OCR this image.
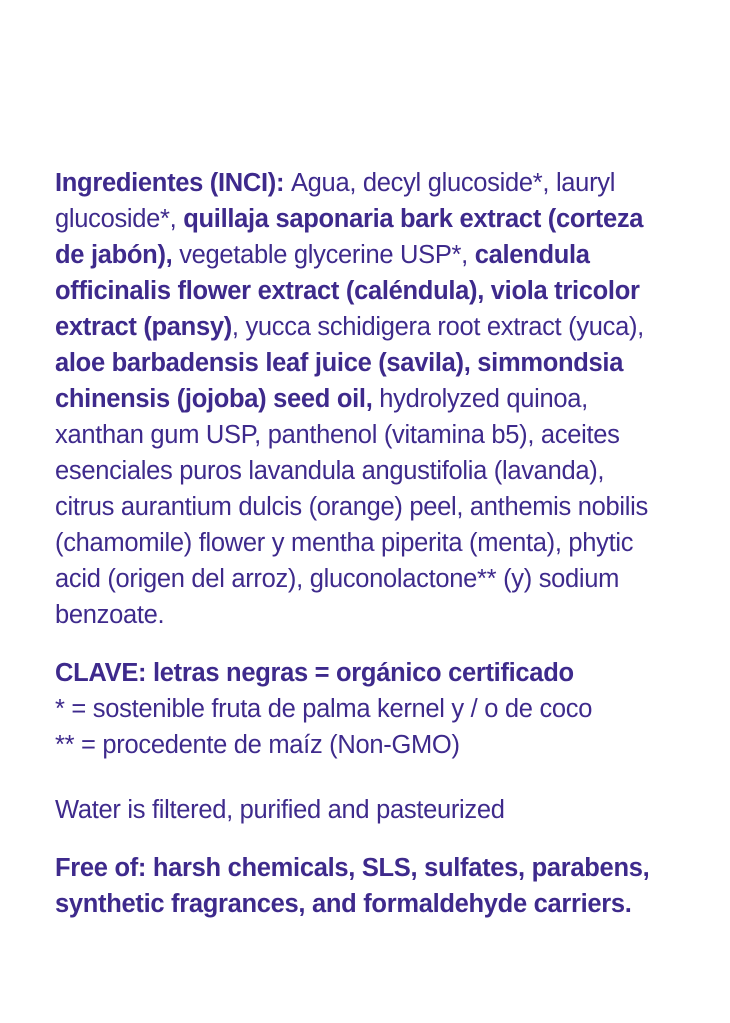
Ingredientes (INCI): Agua, decyl glucoside*, lauryl
glucoside*, quillaja saponaria bark extract (corteza
de jabón), vegetable glycerine USP*, calendula
officinalis flower extract (caléndula), viola tricolor
extract (pansy), yucca schidigera root extract (yuca),
aloe barbadensis leaf juice (savila), simmondsia
chinensis (jojoba) seed oil, hydrolyzed quinoa,
xanthan gum USP, panthenol (vitamina b5), aceites
esenciales puros lavandula angustifolia (lavanda),
citrus aurantium dulcis (orange) peel, anthemis nobilis
(chamomile) flower y mentha piperita (menta), phytic
acid (origen del arroz), gluconolactone** (y) sodium
benzoate.
CLAVE: letras negras = orgánico certificado
* = sostenible fruta de palma kernel y / o de coco
** = procedente de maíz (Non-GMO)
Water is filtered, purified and pasteurized
Free of: harsh chemicals, SLS, sulfates, parabens,
synthetic fragrances, and formaldehyde carriers.
